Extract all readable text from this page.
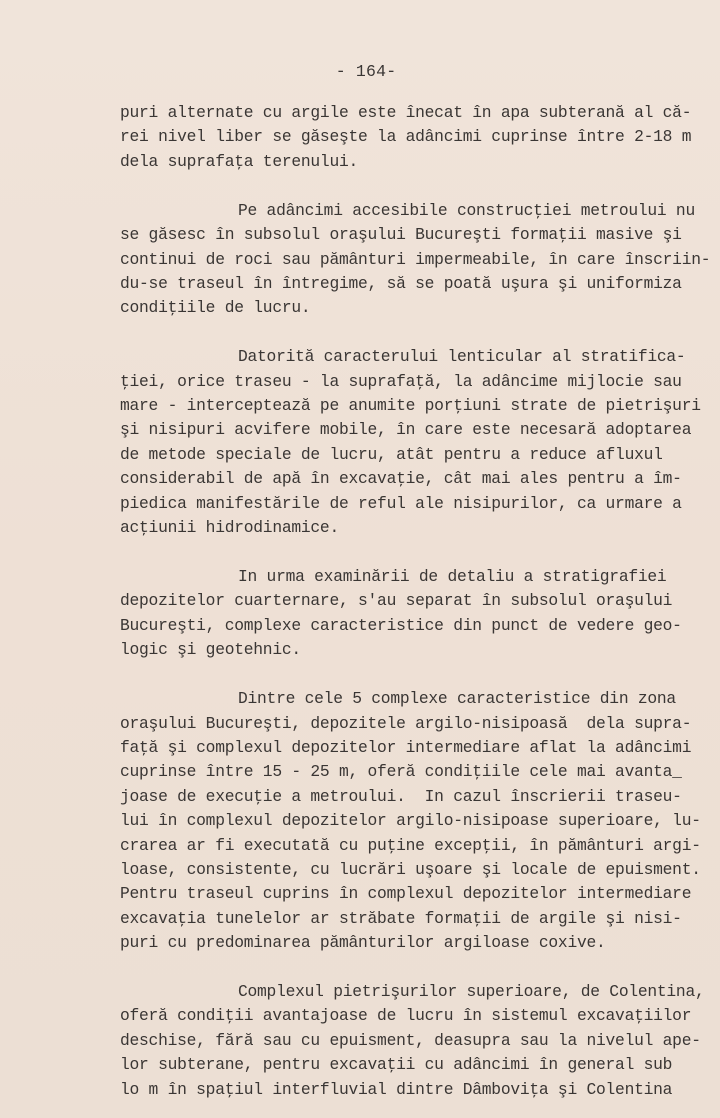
- 164-
puri alternate cu argile este înecat în apa subterană al că-
rei nivel liber se găseşte la adâncimi cuprinse între 2-18 m
dela suprafaţa terenului.
Pe adâncimi accesibile construcţiei metroului nu
se găsesc în subsolul oraşului Bucureşti formaţii masive şi
continui de roci sau pământuri impermeabile, în care înscriin-
du-se traseul în întregime, să se poată uşura şi uniformiza
condiţiile de lucru.
Datorită caracterului lenticular al stratifica-
ţiei, orice traseu - la suprafaţă, la adâncime mijlocie sau
mare - interceptează pe anumite porţiuni strate de pietrişuri
şi nisipuri acvifere mobile, în care este necesară adoptarea
de metode speciale de lucru, atât pentru a reduce afluxul
considerabil de apă în excavaţie, cât mai ales pentru a îm-
piedica manifestările de reful ale nisipurilor, ca urmare a
acţiunii hidrodinamice.
In urma examinării de detaliu a stratigrafiei
depozitelor cuarternare, s'au separat în subsolul oraşului
Bucureşti, complexe caracteristice din punct de vedere geo-
logic şi geotehnic.
Dintre cele 5 complexe caracteristice din zona
oraşului Bucureşti, depozitele argilo-nisipoasă  dela supra-
faţă şi complexul depozitelor intermediare aflat la adâncimi
cuprinse între 15 - 25 m, oferă condiţiile cele mai avanta_
joase de execuţie a metroului.  In cazul înscrierii traseu-
lui în complexul depozitelor argilo-nisipoase superioare, lu-
crarea ar fi executată cu puţine excepţii, în pământuri argi-
loase, consistente, cu lucrări uşoare şi locale de epuisment.
Pentru traseul cuprins în complexul depozitelor intermediare
excavaţia tunelelor ar străbate formaţii de argile şi nisi-
puri cu predominarea pământurilor argiloase coxive.
Complexul pietrişurilor superioare, de Colentina,
oferă condiţii avantajoase de lucru în sistemul excavaţiilor
deschise, fără sau cu epuisment, deasupra sau la nivelul ape-
lor subterane, pentru excavaţii cu adâncimi în general sub
lo m în spaţiul interfluvial dintre Dâmboviţa şi Colentina
